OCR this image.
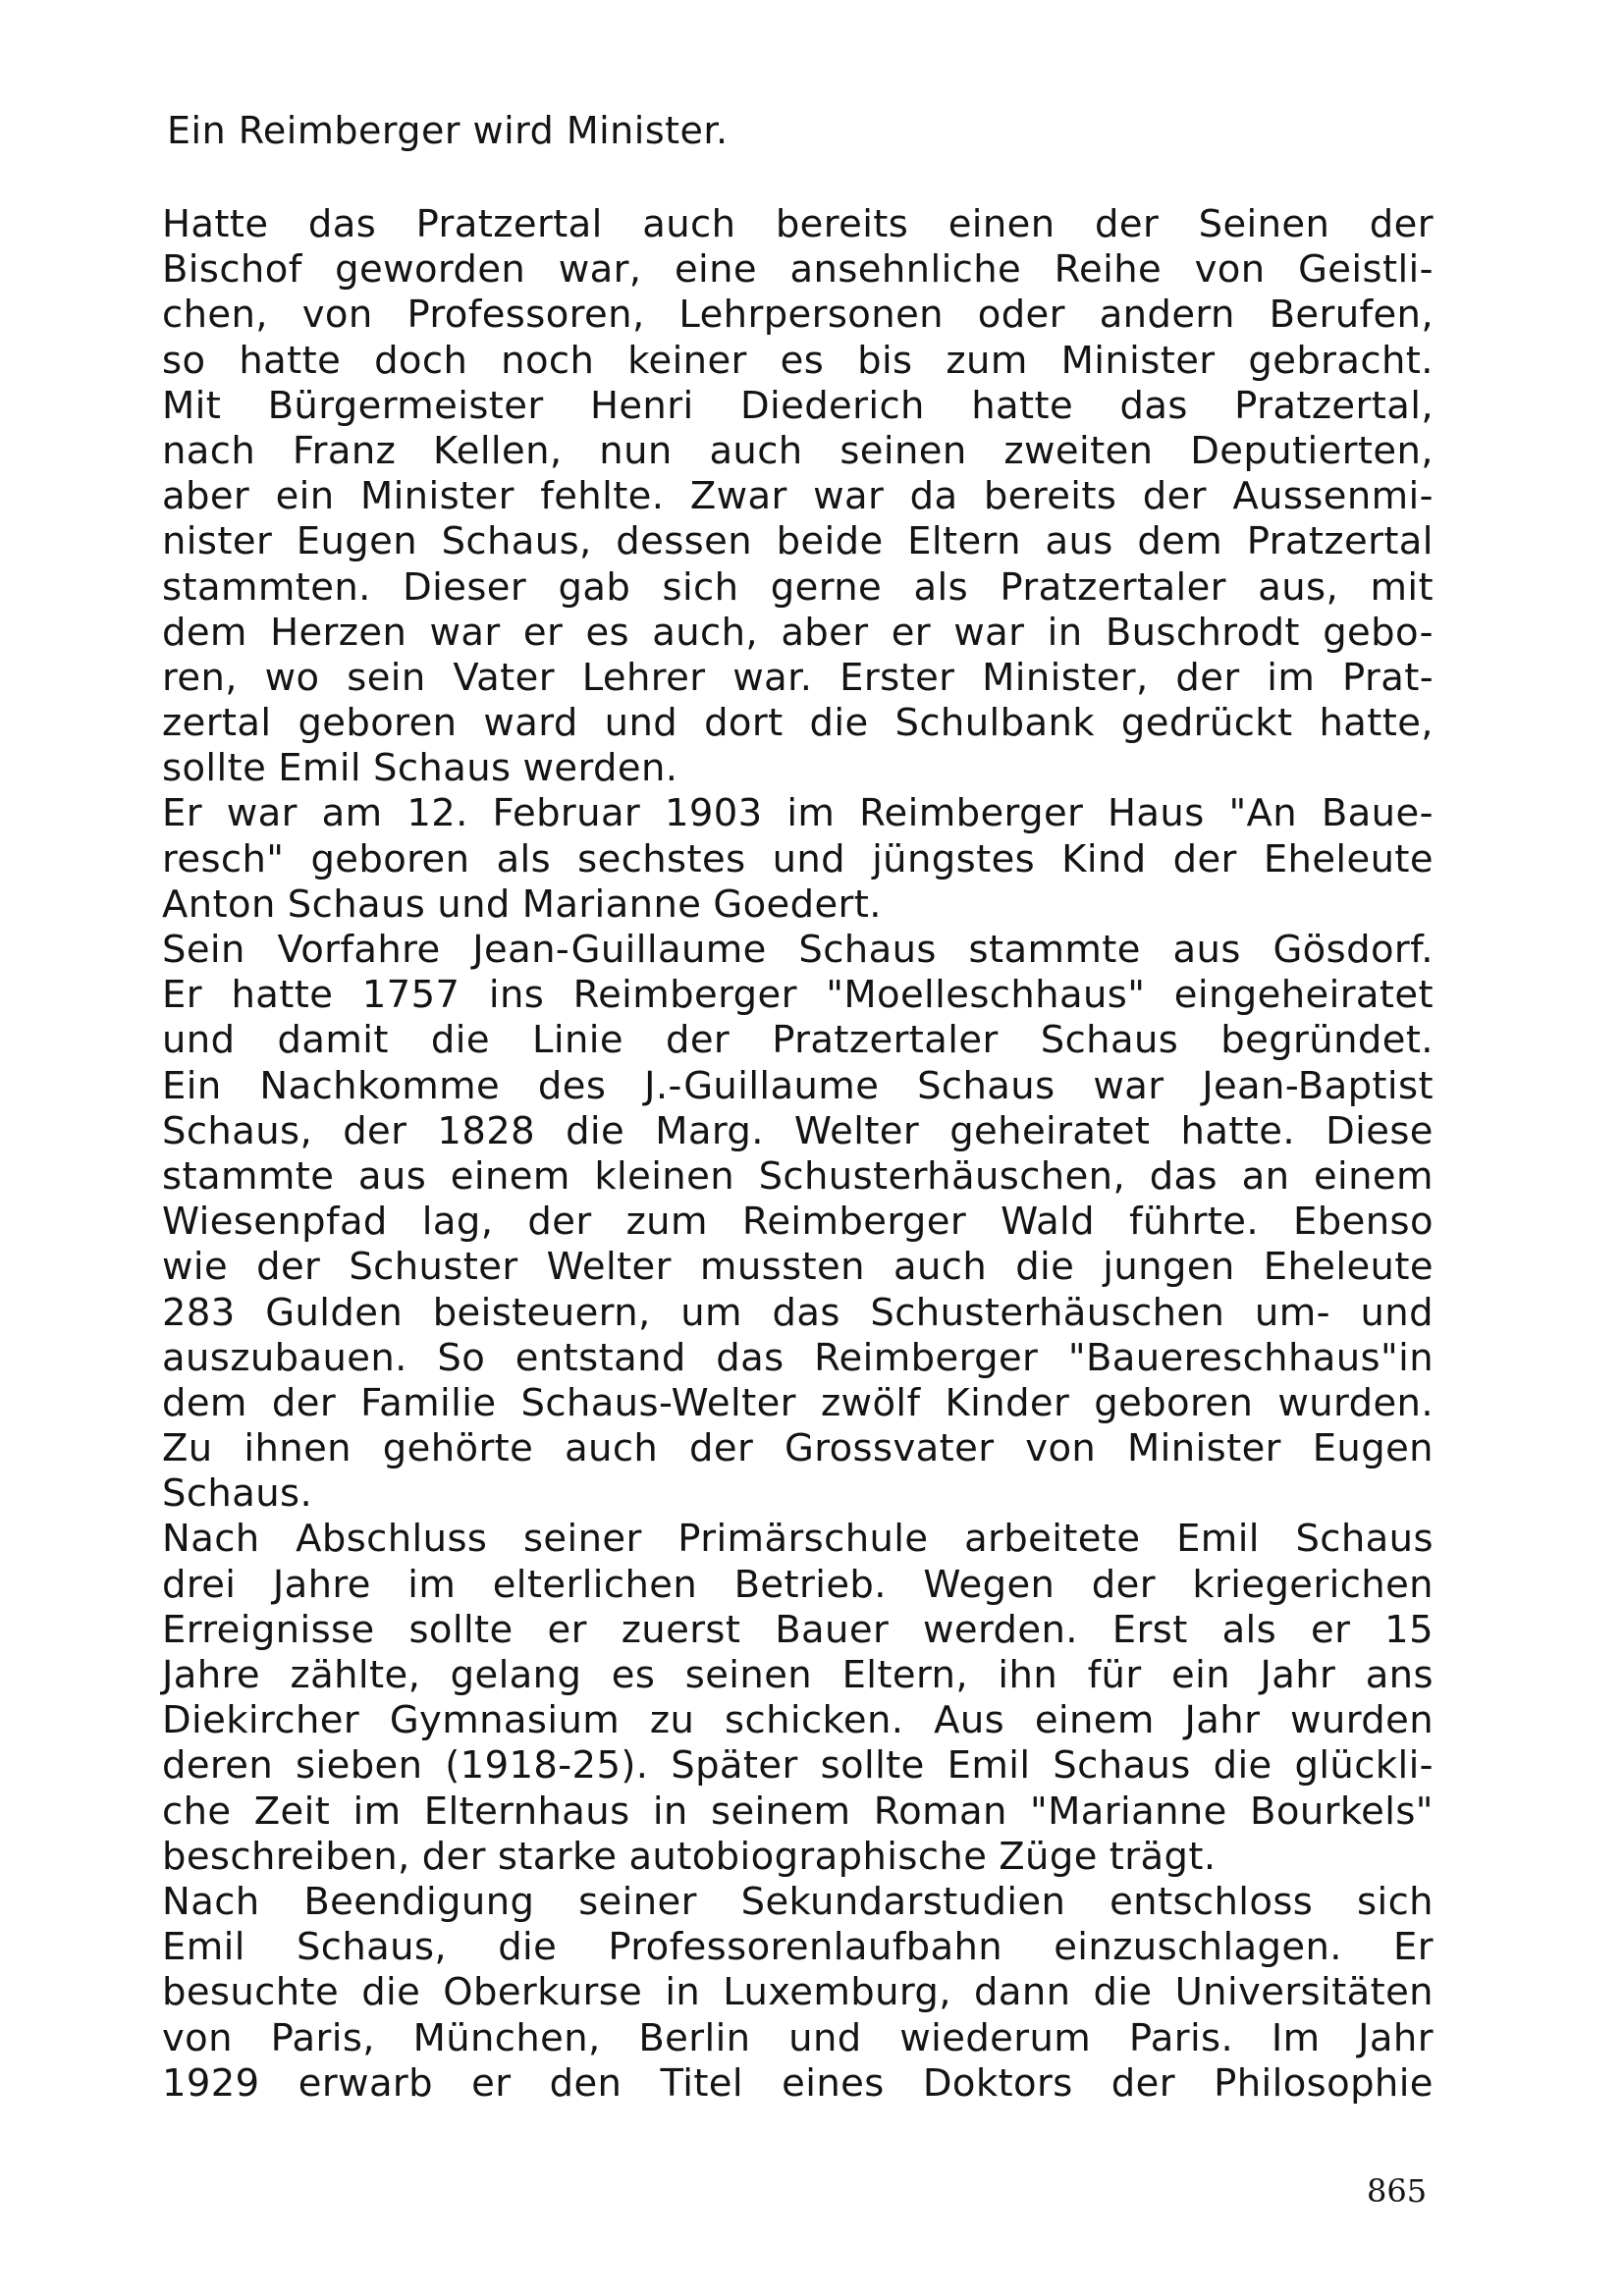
Ein Reimberger wird Minister.
Hatte das Pratzertal auch bereits einen der Seinen der
Bischof geworden war, eine ansehnliche Reihe von Geistli-
chen, von Professoren, Lehrpersonen oder andern Berufen,
so hatte doch noch keiner es bis zum Minister gebracht.
Mit Bürgermeister Henri Diederich hatte das Pratzertal,
nach Franz Kellen, nun auch seinen zweiten Deputierten,
aber ein Minister fehlte. Zwar war da bereits der Aussenmi-
nister Eugen Schaus, dessen beide Eltern aus dem Pratzertal
stammten. Dieser gab sich gerne als Pratzertaler aus, mit
dem Herzen war er es auch, aber er war in Buschrodt gebo-
ren, wo sein Vater Lehrer war. Erster Minister, der im Prat-
zertal geboren ward und dort die Schulbank gedrückt hatte,
sollte Emil Schaus werden.
Er war am 12. Februar 1903 im Reimberger Haus "An Baue-
resch" geboren als sechstes und jüngstes Kind der Eheleute
Anton Schaus und Marianne Goedert.
Sein Vorfahre Jean-Guillaume Schaus stammte aus Gösdorf.
Er hatte 1757 ins Reimberger "Moelleschhaus" eingeheiratet
und damit die Linie der Pratzertaler Schaus begründet.
Ein Nachkomme des J.-Guillaume Schaus war Jean-Baptist
Schaus, der 1828 die Marg. Welter geheiratet hatte. Diese
stammte aus einem kleinen Schusterhäuschen, das an einem
Wiesenpfad lag, der zum Reimberger Wald führte. Ebenso
wie der Schuster Welter mussten auch die jungen Eheleute
283 Gulden beisteuern, um das Schusterhäuschen um- und
auszubauen. So entstand das Reimberger "Bauereschhaus"in
dem der Familie Schaus-Welter zwölf Kinder geboren wurden.
Zu ihnen gehörte auch der Grossvater von Minister Eugen
Schaus.
Nach Abschluss seiner Primärschule arbeitete Emil Schaus
drei Jahre im elterlichen Betrieb. Wegen der kriegerichen
Erreignisse sollte er zuerst Bauer werden. Erst als er 15
Jahre zählte, gelang es seinen Eltern, ihn für ein Jahr ans
Diekircher Gymnasium zu schicken. Aus einem Jahr wurden
deren sieben (1918-25). Später sollte Emil Schaus die glückli-
che Zeit im Elternhaus in seinem Roman "Marianne Bourkels"
beschreiben, der starke autobiographische Züge trägt.
Nach Beendigung seiner Sekundarstudien entschloss sich
Emil Schaus, die Professorenlaufbahn einzuschlagen. Er
besuchte die Oberkurse in Luxemburg, dann die Universitäten
von Paris, München, Berlin und wiederum Paris. Im Jahr
1929 erwarb er den Titel eines Doktors der Philosophie
865
